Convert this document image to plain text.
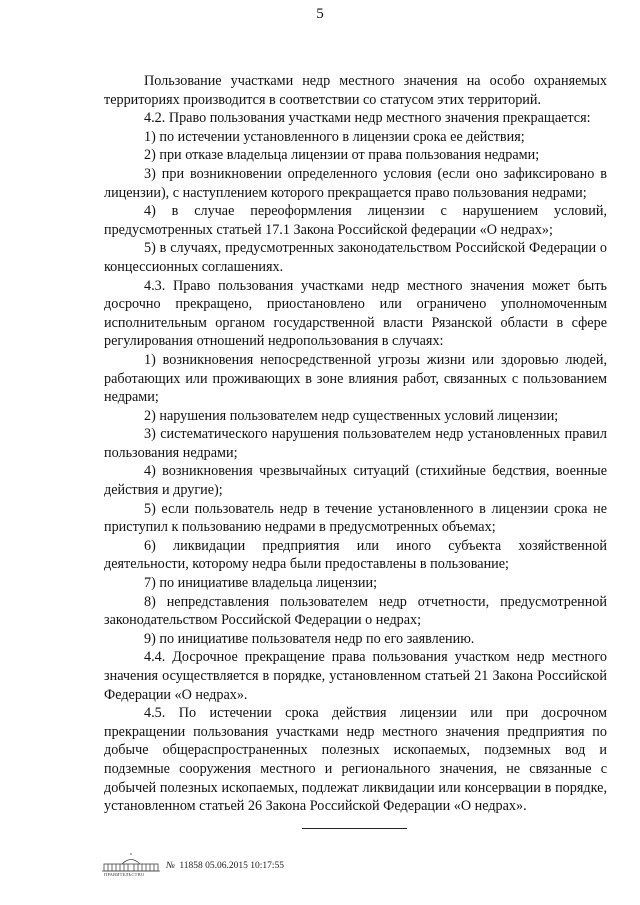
5

Пользование участками недр местного значения на особо охраняемых территориях производится в соответствии со статусом этих территорий.

4.2. Право пользования участками недр местного значения прекращается:

1) по истечении установленного в лицензии срока ее действия;

2) при отказе владельца лицензии от права пользования недрами;

3) при возникновении определенного условия (если оно зафиксировано в лицензии), с наступлением которого прекращается право пользования недрами;

4) в случае переоформления лицензии с нарушением условий, предусмотренных статьей 17.1 Закона Российской федерации «О недрах»;

5) в случаях, предусмотренных законодательством Российской Федерации о концессионных соглашениях.

4.3. Право пользования участками недр местного значения может быть досрочно прекращено, приостановлено или ограничено уполномоченным исполнительным органом государственной власти Рязанской области в сфере регулирования отношений недропользования в случаях:

1) возникновения непосредственной угрозы жизни или здоровью людей, работающих или проживающих в зоне влияния работ, связанных с пользованием недрами;

2) нарушения пользователем недр существенных условий лицензии;

3) систематического нарушения пользователем недр установленных правил пользования недрами;

4) возникновения чрезвычайных ситуаций (стихийные бедствия, военные действия и другие);

5) если пользователь недр в течение установленного в лицензии срока не приступил к пользованию недрами в предусмотренных объемах;

6) ликвидации предприятия или иного субъекта хозяйственной деятельности, которому недра были предоставлены в пользование;

7) по инициативе владельца лицензии;

8) непредставления пользователем недр отчетности, предусмотренной законодательством Российской Федерации о недрах;

9) по инициативе пользователя недр по его заявлению.

4.4. Досрочное прекращение права пользования участком недр местного значения осуществляется в порядке, установленном статьей 21 Закона Российской Федерации «О недрах».

4.5. По истечении срока действия лицензии или при досрочном прекращении пользования участками недр местного значения предприятия по добыче общераспространенных полезных ископаемых, подземных вод и подземные сооружения местного и регионального значения, не связанные с добычей полезных ископаемых, подлежат ликвидации или консервации в порядке, установленном статьей 26 Закона Российской Федерации «О недрах».

ПРАВИТЕЛЬСТВО
№ 11858 05.06.2015 10:17:55
